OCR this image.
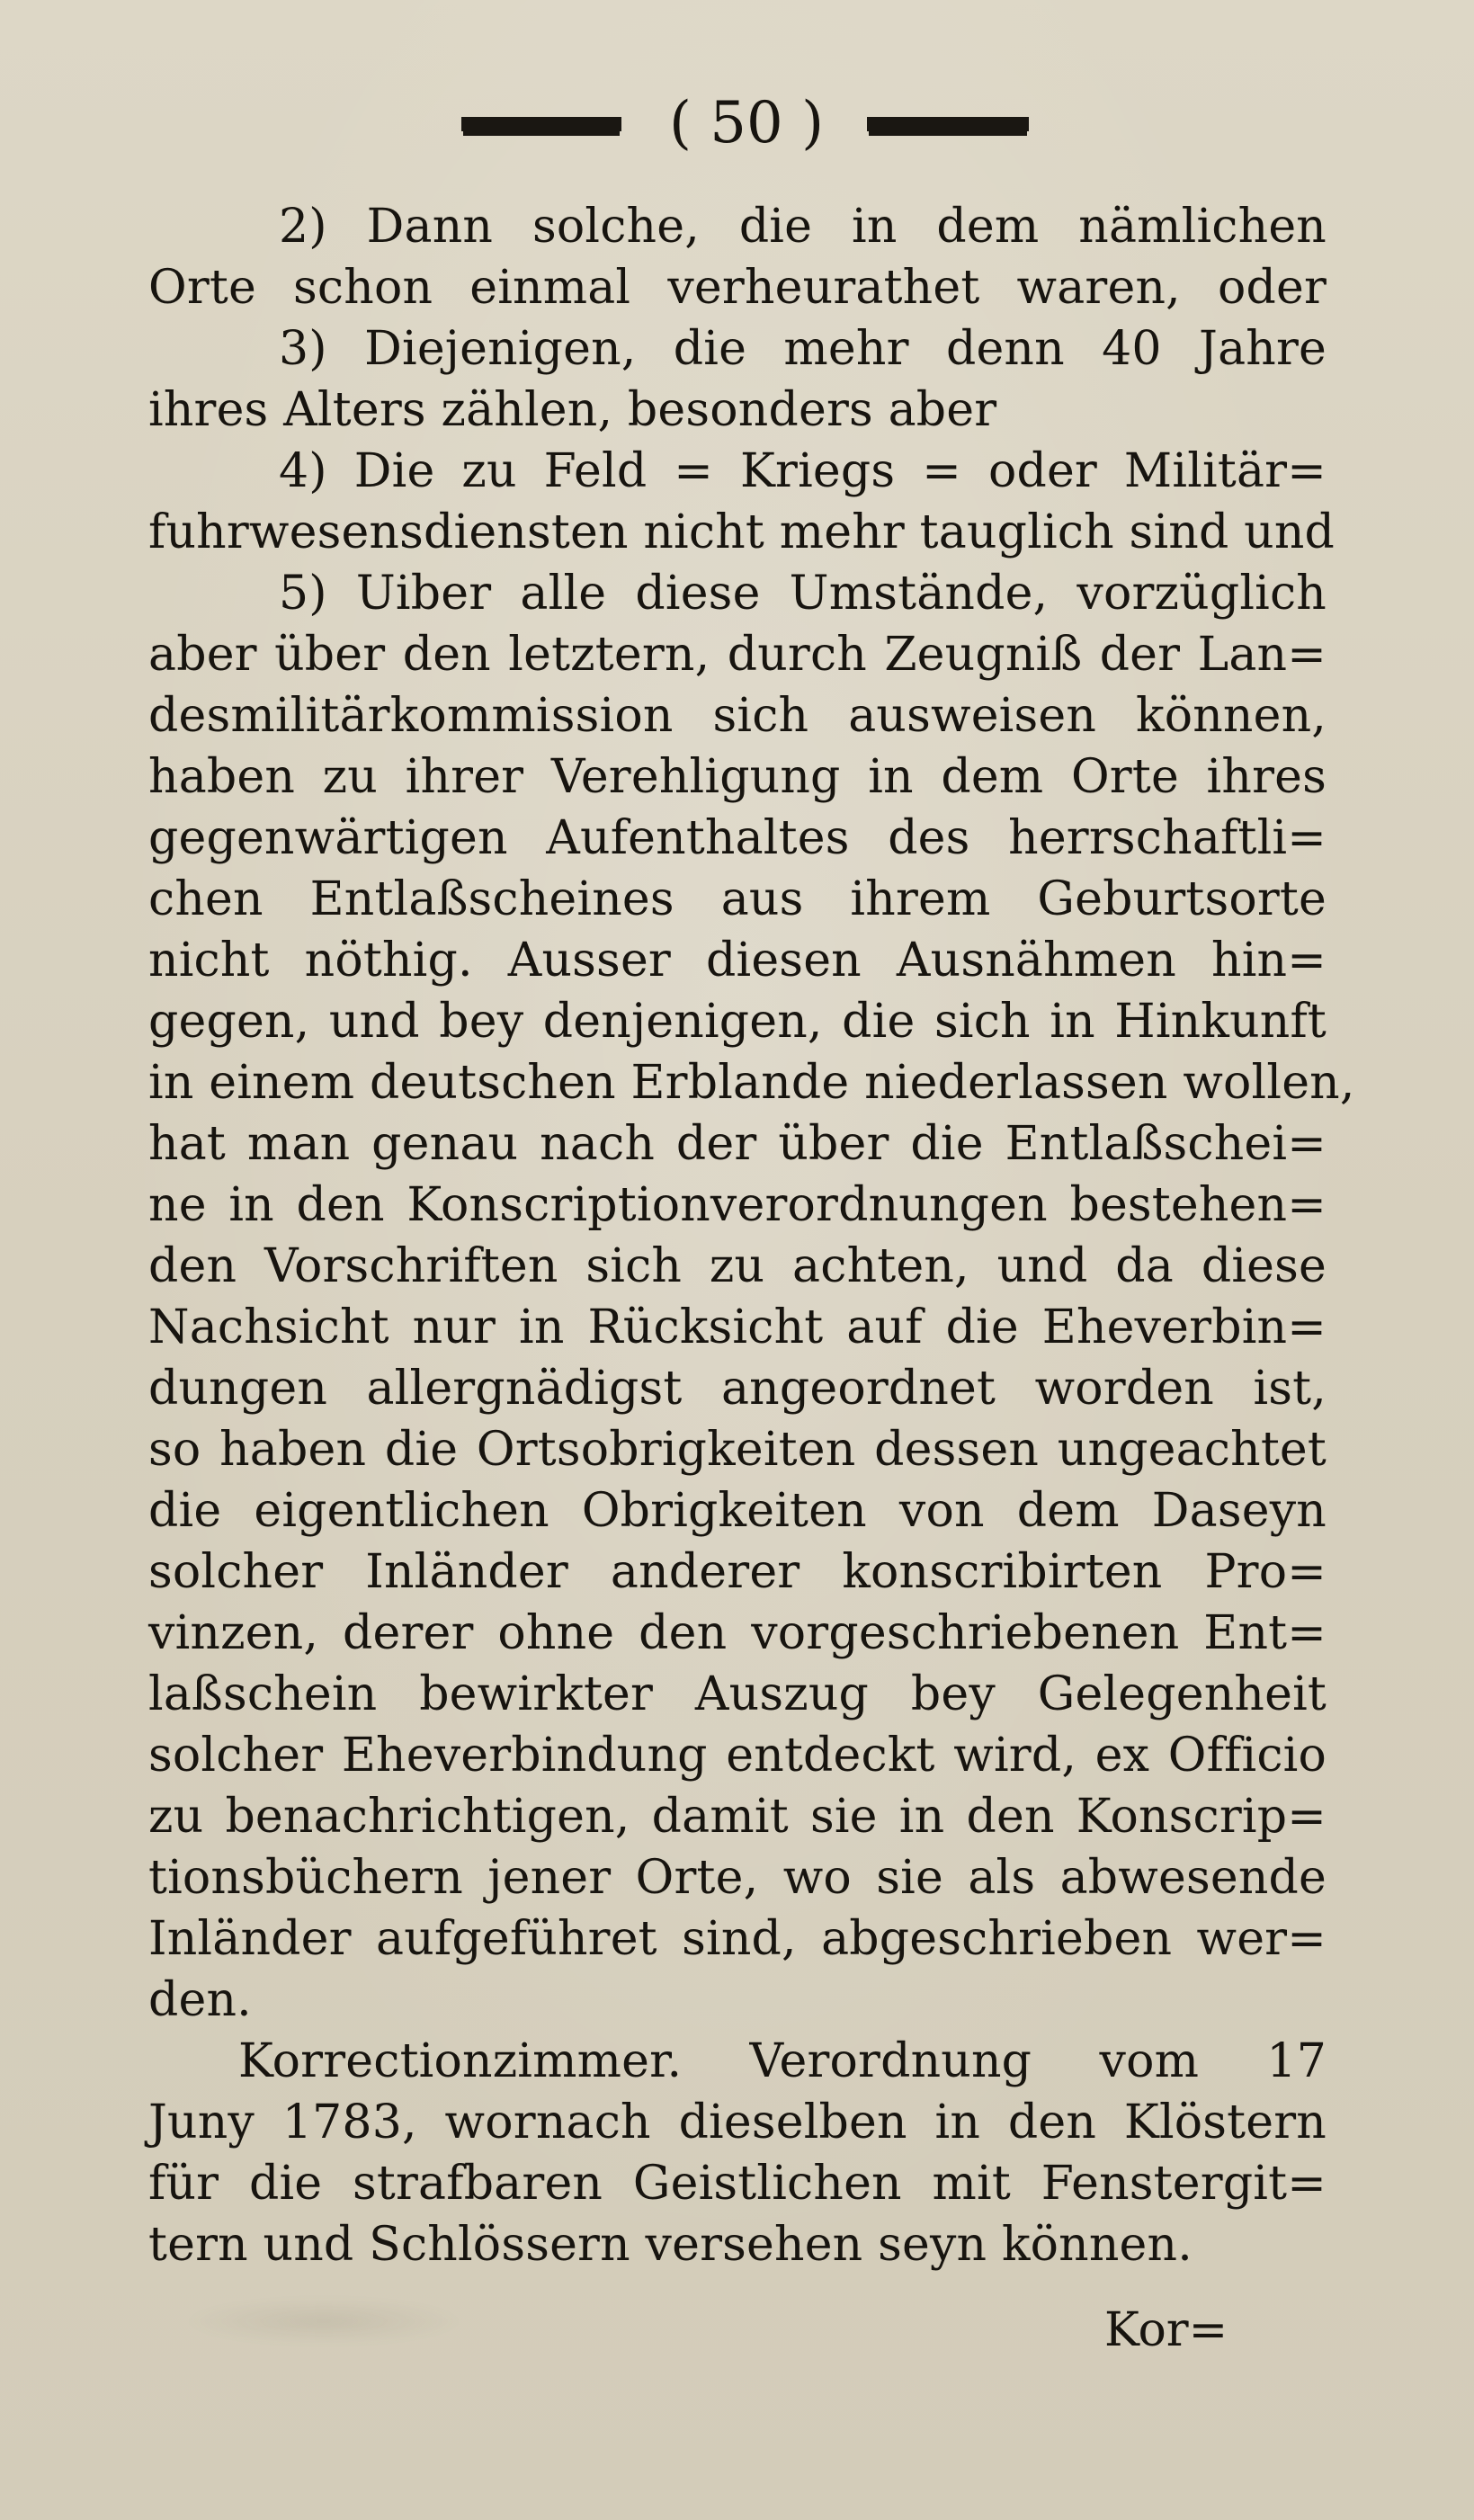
( 50 )
2) Dann solche, die in dem nämlichen
Orte schon einmal verheurathet waren, oder
3) Diejenigen, die mehr denn 40 Jahre
ihres Alters zählen, besonders aber
4) Die zu Feld = Kriegs = oder Militär=
fuhrwesensdiensten nicht mehr tauglich sind und
5) Uiber alle diese Umstände, vorzüglich
aber über den letztern, durch Zeugniß der Lan=
desmilitärkommission sich ausweisen können,
haben zu ihrer Verehligung in dem Orte ihres
gegenwärtigen Aufenthaltes des herrschaftli=
chen Entlaßscheines aus ihrem Geburtsorte
nicht nöthig. Ausser diesen Ausnähmen hin=
gegen, und bey denjenigen, die sich in Hinkunft
in einem deutschen Erblande niederlassen wollen,
hat man genau nach der über die Entlaßschei=
ne in den Konscriptionverordnungen bestehen=
den Vorschriften sich zu achten, und da diese
Nachsicht nur in Rücksicht auf die Eheverbin=
dungen allergnädigst angeordnet worden ist,
so haben die Ortsobrigkeiten dessen ungeachtet
die eigentlichen Obrigkeiten von dem Daseyn
solcher Inländer anderer konscribirten Pro=
vinzen, derer ohne den vorgeschriebenen Ent=
laßschein bewirkter Auszug bey Gelegenheit
solcher Eheverbindung entdeckt wird, ex Officio
zu benachrichtigen, damit sie in den Konscrip=
tionsbüchern jener Orte, wo sie als abwesende
Inländer aufgeführet sind, abgeschrieben wer=
den.
Korrectionzimmer. Verordnung vom 17
Juny 1783, wornach dieselben in den Klöstern
für die strafbaren Geistlichen mit Fenstergit=
tern und Schlössern versehen seyn können.
Kor=
